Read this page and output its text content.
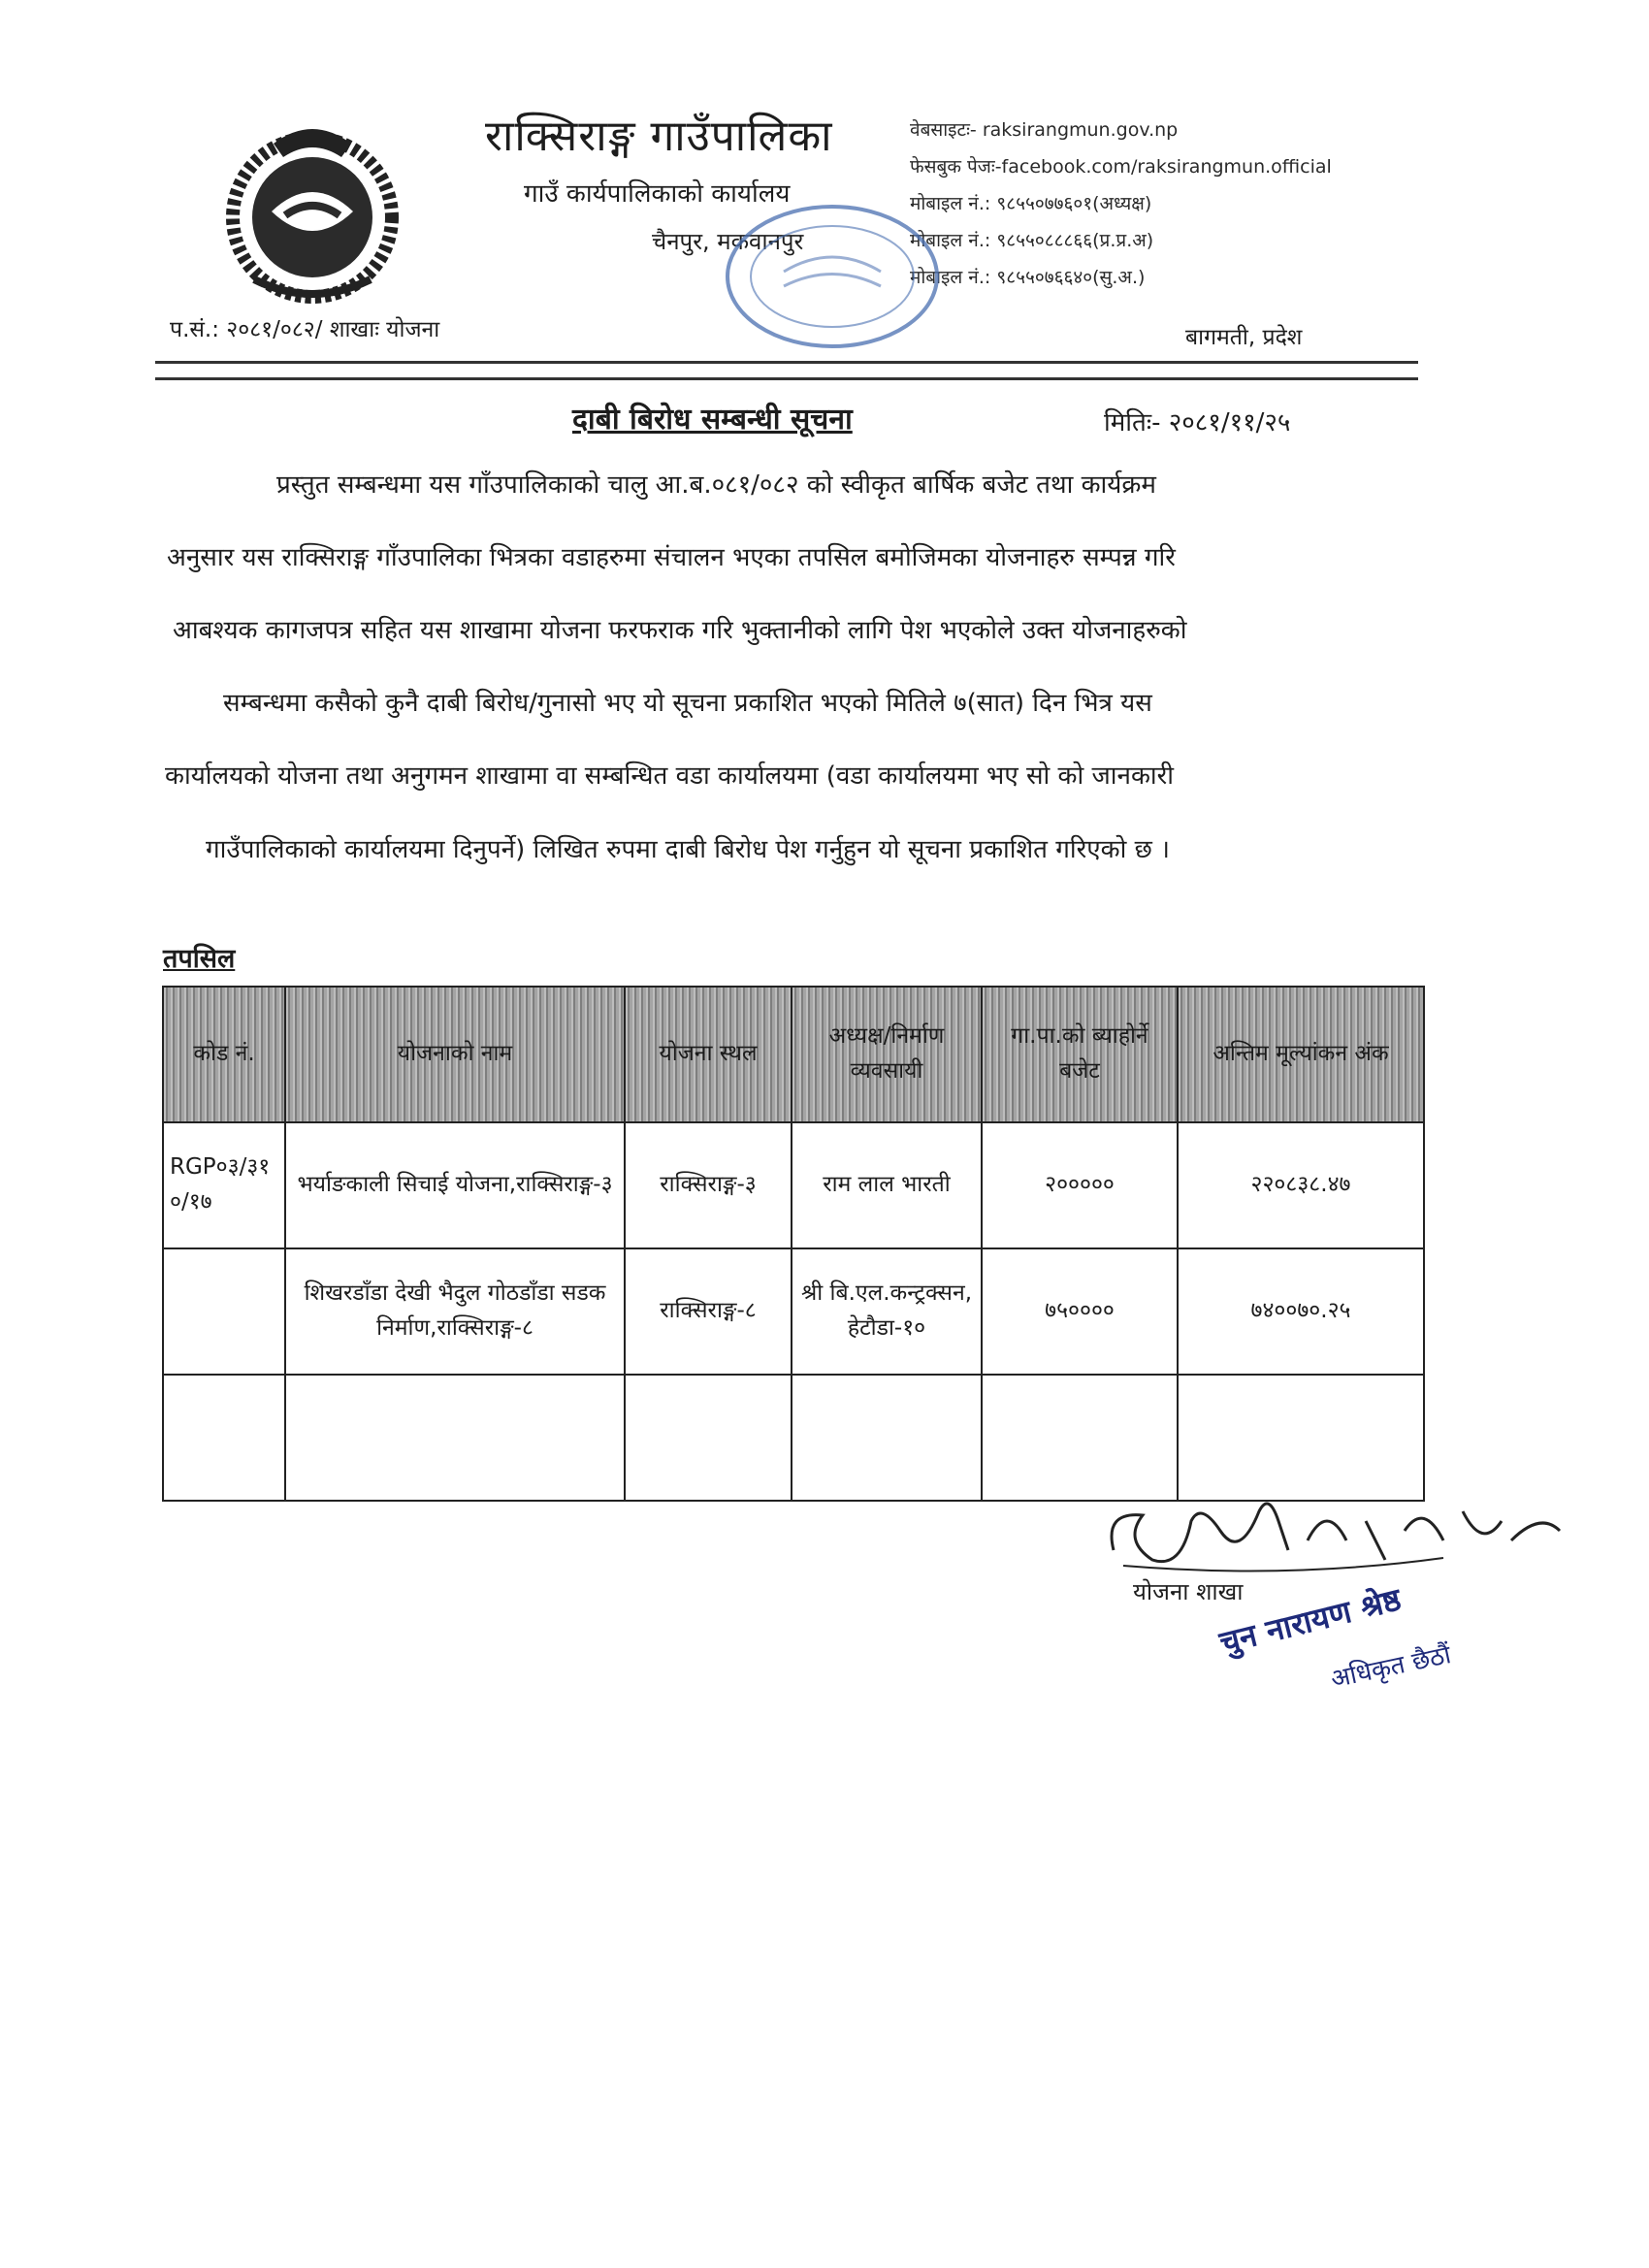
राक्सिराङ्ग गाउँपालिका
गाउँ कार्यपालिकाको कार्यालय
चैनपुर, मकवानपुर
वेबसाइटः- raksirangmun.gov.np
फेसबुक पेजः-facebook.com/raksirangmun.official
मोबाइल नं.: ९८५५०७७६०१(अध्यक्ष)
मोबाइल नं.: ९८५५०८८८६६(प्र.प्र.अ)
मोबाइल नं.: ९८५५०७६६४०(सु.अ.)
प.सं.: २०८१/०८२/ शाखाः योजना	बागमती, प्रदेश
दाबी बिरोध सम्बन्धी सूचना	मितिः- २०८१/११/२५
प्रस्तुत सम्बन्धमा यस गाँउपालिकाको चालु आ.ब.०८१/०८२ को स्वीकृत बार्षिक बजेट तथा कार्यक्रम
अनुसार यस राक्सिराङ्ग गाँउपालिका भित्रका वडाहरुमा संचालन भएका तपसिल बमोजिमका योजनाहरु सम्पन्न गरि
आबश्यक कागजपत्र सहित यस शाखामा योजना फरफराक गरि भुक्तानीको लागि पेश भएकोले उक्त योजनाहरुको
सम्बन्धमा कसैको कुनै दाबी बिरोध/गुनासो भए यो सूचना प्रकाशित भएको मितिले ७(सात) दिन भित्र यस
कार्यालयको योजना तथा अनुगमन शाखामा वा सम्बन्धित वडा कार्यालयमा (वडा कार्यालयमा भए सो को जानकारी
गाउँपालिकाको कार्यालयमा दिनुपर्ने) लिखित रुपमा दाबी बिरोध पेश गर्नुहुन यो सूचना प्रकाशित गरिएको छ ।
तपसिल
कोड नं.	योजनाको नाम	योजना स्थल	अध्यक्ष/निर्माण व्यवसायी	गा.पा.को ब्याहोर्ने बजेट	अन्तिम मूल्यांकन अंक
RGP०३/३१ ०/१७	भर्याङकाली सिचाई योजना,राक्सिराङ्ग-३	राक्सिराङ्ग-३	राम लाल भारती	२०००००	२२०८३८.४७
	शिखरडाँडा देखी भैदुल गोठडाँडा सडक निर्माण,राक्सिराङ्ग-८	राक्सिराङ्ग-८	श्री बि.एल.कन्ट्रक्सन, हेटौडा-१०	७५००००	७४००७०.२५

योजना शाखा
चुन नारायण श्रेष्ठ
अधिकृत छैठौं
